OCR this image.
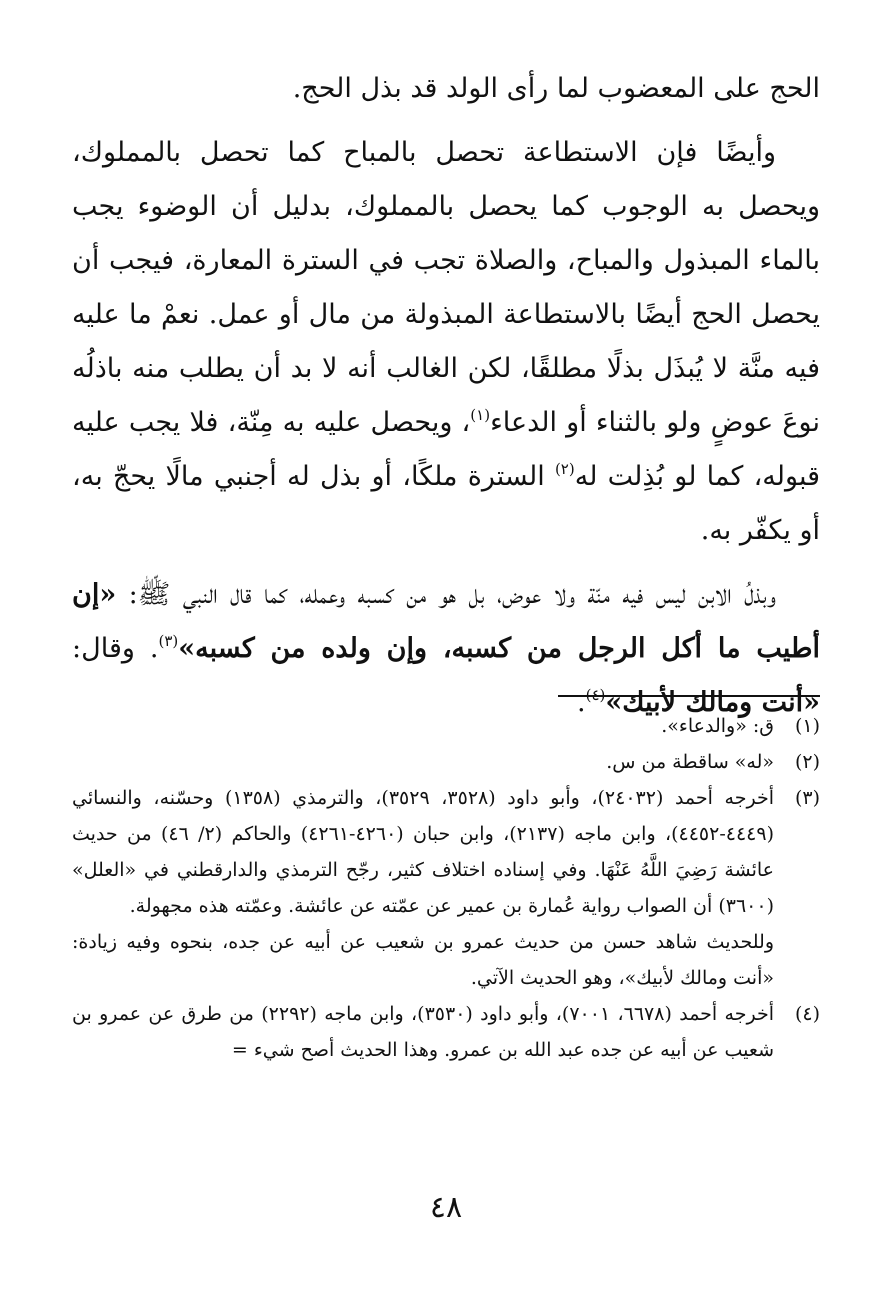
الحج على المعضوب لما رأى الولد قد بذل الحج.

وأيضًا فإن الاستطاعة تحصل بالمباح كما تحصل بالمملوك، ويحصل به الوجوب كما يحصل بالمملوك، بدليل أن الوضوء يجب بالماء المبذول والمباح، والصلاة تجب في السترة المعارة، فيجب أن يحصل الحج أيضًا بالاستطاعة المبذولة من مال أو عمل. نعمْ ما عليه فيه منَّة لا يُبذَل بذلًا مطلقًا، لكن الغالب أنه لا بد أن يطلب منه باذلُه نوعَ عوضٍ ولو بالثناء أو الدعاء$^{(١)}$، ويحصل عليه به مِنّة، فلا يجب عليه قبوله، كما لو بُذِلت له$^{(٢)}$ السترة ملكًا، أو بذل له أجنبي مالًا يحجّ به، أو يكفّر به.

وبذلُ الابن ليس فيه منّة ولا عوض، بل هو من كسبه وعمله، كما قال النبي ﷺ: «إن أطيب ما أكل الرجل من كسبه، وإن ولده من كسبه»$^{(٣)}$. وقال: «أنت ومالك لأبيك»$^{(٤)}$.

(١)
ق: «والدعاء».
(٢)
«له» ساقطة من س.
(٣)
أخرجه أحمد (٢٤٠٣٢)، وأبو داود (٣٥٢٨، ٣٥٢٩)، والترمذي (١٣٥٨) وحسّنه، والنسائي (٤٤٤٩-٤٤٥٢)، وابن ماجه (٢١٣٧)، وابن حبان (٤٢٦٠-٤٢٦١) والحاكم (٢/ ٤٦) من حديث عائشة رَضِيَ اللَّهُ عَنْهَا. وفي إسناده اختلاف كثير، رجّح الترمذي والدارقطني في «العلل» (٣٦٠٠) أن الصواب رواية عُمارة بن عمير عن عمّته عن عائشة. وعمّته هذه مجهولة.
وللحديث شاهد حسن من حديث عمرو بن شعيب عن أبيه عن جده، بنحوه وفيه زيادة: «أنت ومالك لأبيك»، وهو الحديث الآتي.
(٤)
أخرجه أحمد (٦٦٧٨، ٧٠٠١)، وأبو داود (٣٥٣٠)، وابن ماجه (٢٢٩٢) من طرق عن عمرو بن شعيب عن أبيه عن جده عبد الله بن عمرو. وهذا الحديث أصح شيء =
٤٨
